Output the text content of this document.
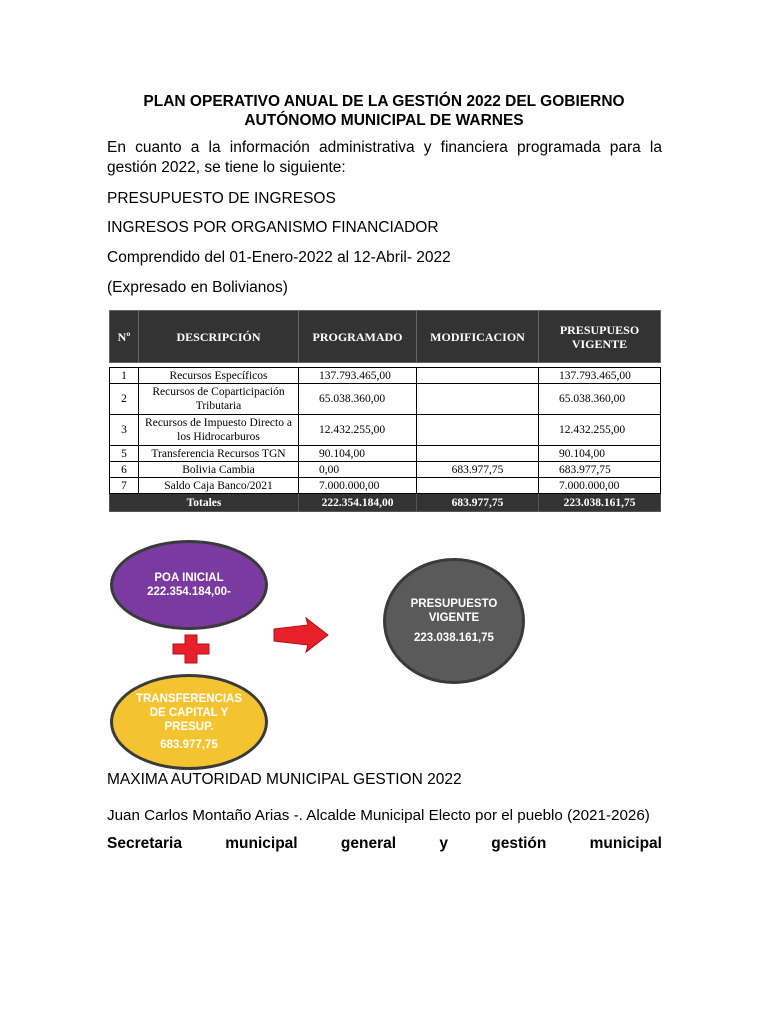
PLAN OPERATIVO ANUAL DE LA GESTIÓN 2022 DEL GOBIERNO
AUTÓNOMO MUNICIPAL DE WARNES
En cuanto a la información administrativa y financiera programada para la gestión 2022, se tiene lo siguiente:
PRESUPUESTO DE INGRESOS
INGRESOS POR ORGANISMO FINANCIADOR
Comprendido del 01-Enero-2022 al 12-Abril- 2022
(Expresado en Bolivianos)
Nº	DESCRIPCIÓN	PROGRAMADO	MODIFICACION	PRESUPUESO VIGENTE

1	Recursos Específicos	137.793.465,00		137.793.465,00
2	Recursos de Coparticipación Tributaria	65.038.360,00		65.038.360,00
3	Recursos de Impuesto Directo a los Hidrocarburos	12.432.255,00		12.432.255,00
5	Transferencia Recursos TGN	90.104,00		90.104,00
6	Bolivia Cambia	0,00	683.977,75	683.977,75
7	Saldo Caja Banco/2021	7.000.000,00		7.000.000,00
Totales		222.354.184,00	683.977,75	223.038.161,75
POA INICIAL
222.354.184,00-
TRANSFERENCIAS
DE CAPITAL Y
PRESUP.
683.977,75
PRESUPUESTO
VIGENTE
223.038.161,75
MAXIMA AUTORIDAD MUNICIPAL GESTION 2022
Juan Carlos Montaño Arias -. Alcalde Municipal Electo por el pueblo (2021-2026)
Secretaria	municipal	general	y	gestión	municipal
